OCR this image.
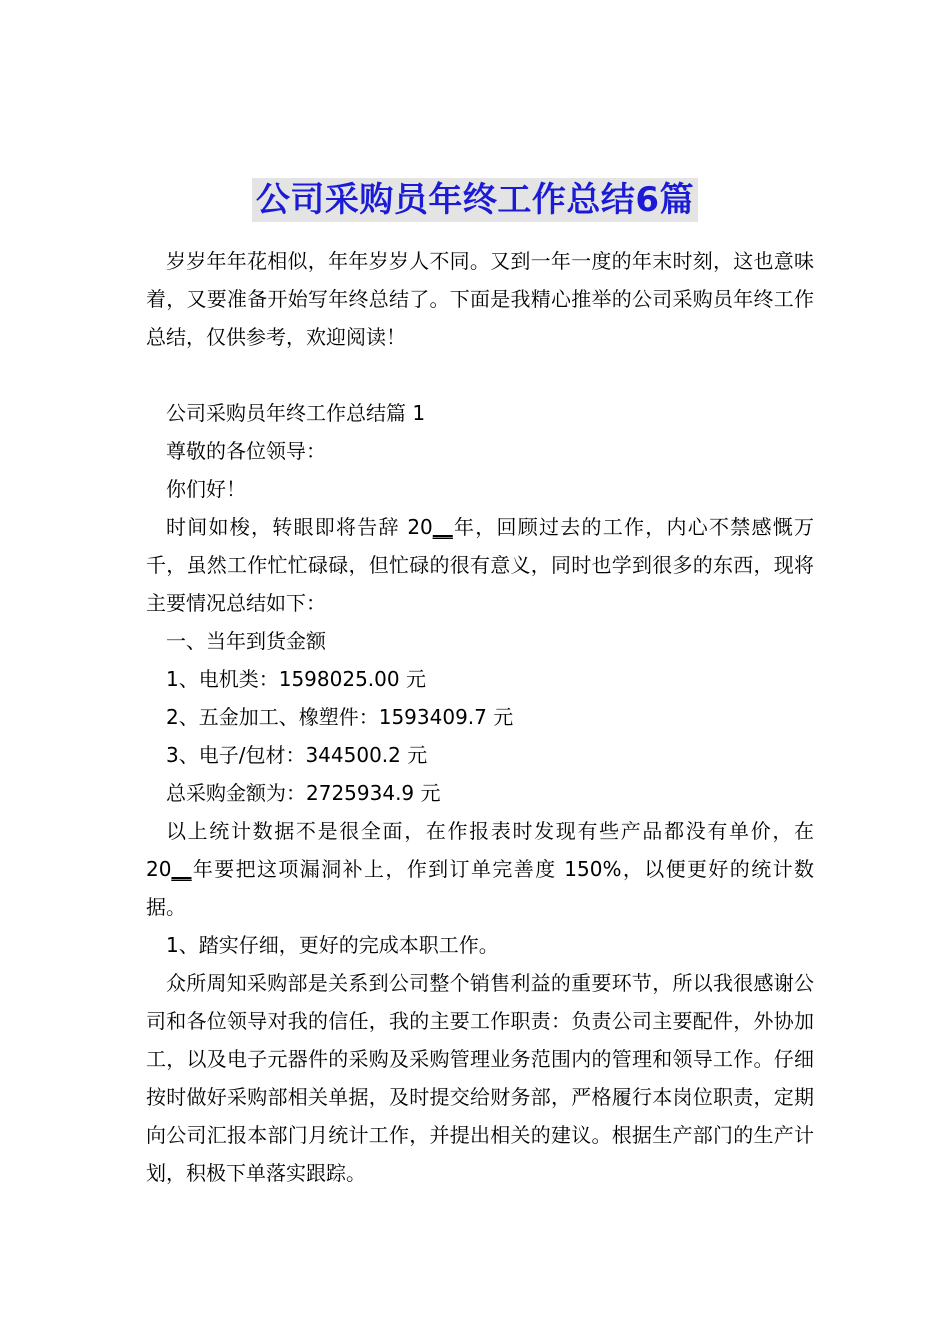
公司采购员年终工作总结6篇

岁岁年年花相似，年年岁岁人不同。又到一年一度的年末时刻，这也意味着，又要准备开始写年终总结了。下面是我精心推举的公司采购员年终工作总结，仅供参考，欢迎阅读！

公司采购员年终工作总结篇 1

尊敬的各位领导：

你们好！

时间如梭，转眼即将告辞 20__年，回顾过去的工作，内心不禁感慨万千，虽然工作忙忙碌碌，但忙碌的很有意义，同时也学到很多的东西，现将主要情况总结如下：

一、当年到货金额

1、电机类：1598025.00 元

2、五金加工、橡塑件：1593409.7 元

3、电子/包材：344500.2 元

总采购金额为：2725934.9 元

以上统计数据不是很全面，在作报表时发现有些产品都没有单价，在 20__年要把这项漏洞补上，作到订单完善度 150%，以便更好的统计数据。

1、踏实仔细，更好的完成本职工作。

众所周知采购部是关系到公司整个销售利益的重要环节，所以我很感谢公司和各位领导对我的信任，我的主要工作职责：负责公司主要配件，外协加工，以及电子元器件的采购及采购管理业务范围内的管理和领导工作。仔细按时做好采购部相关单据，及时提交给财务部，严格履行本岗位职责，定期向公司汇报本部门月统计工作，并提出相关的建议。根据生产部门的生产计划，积极下单落实跟踪。
